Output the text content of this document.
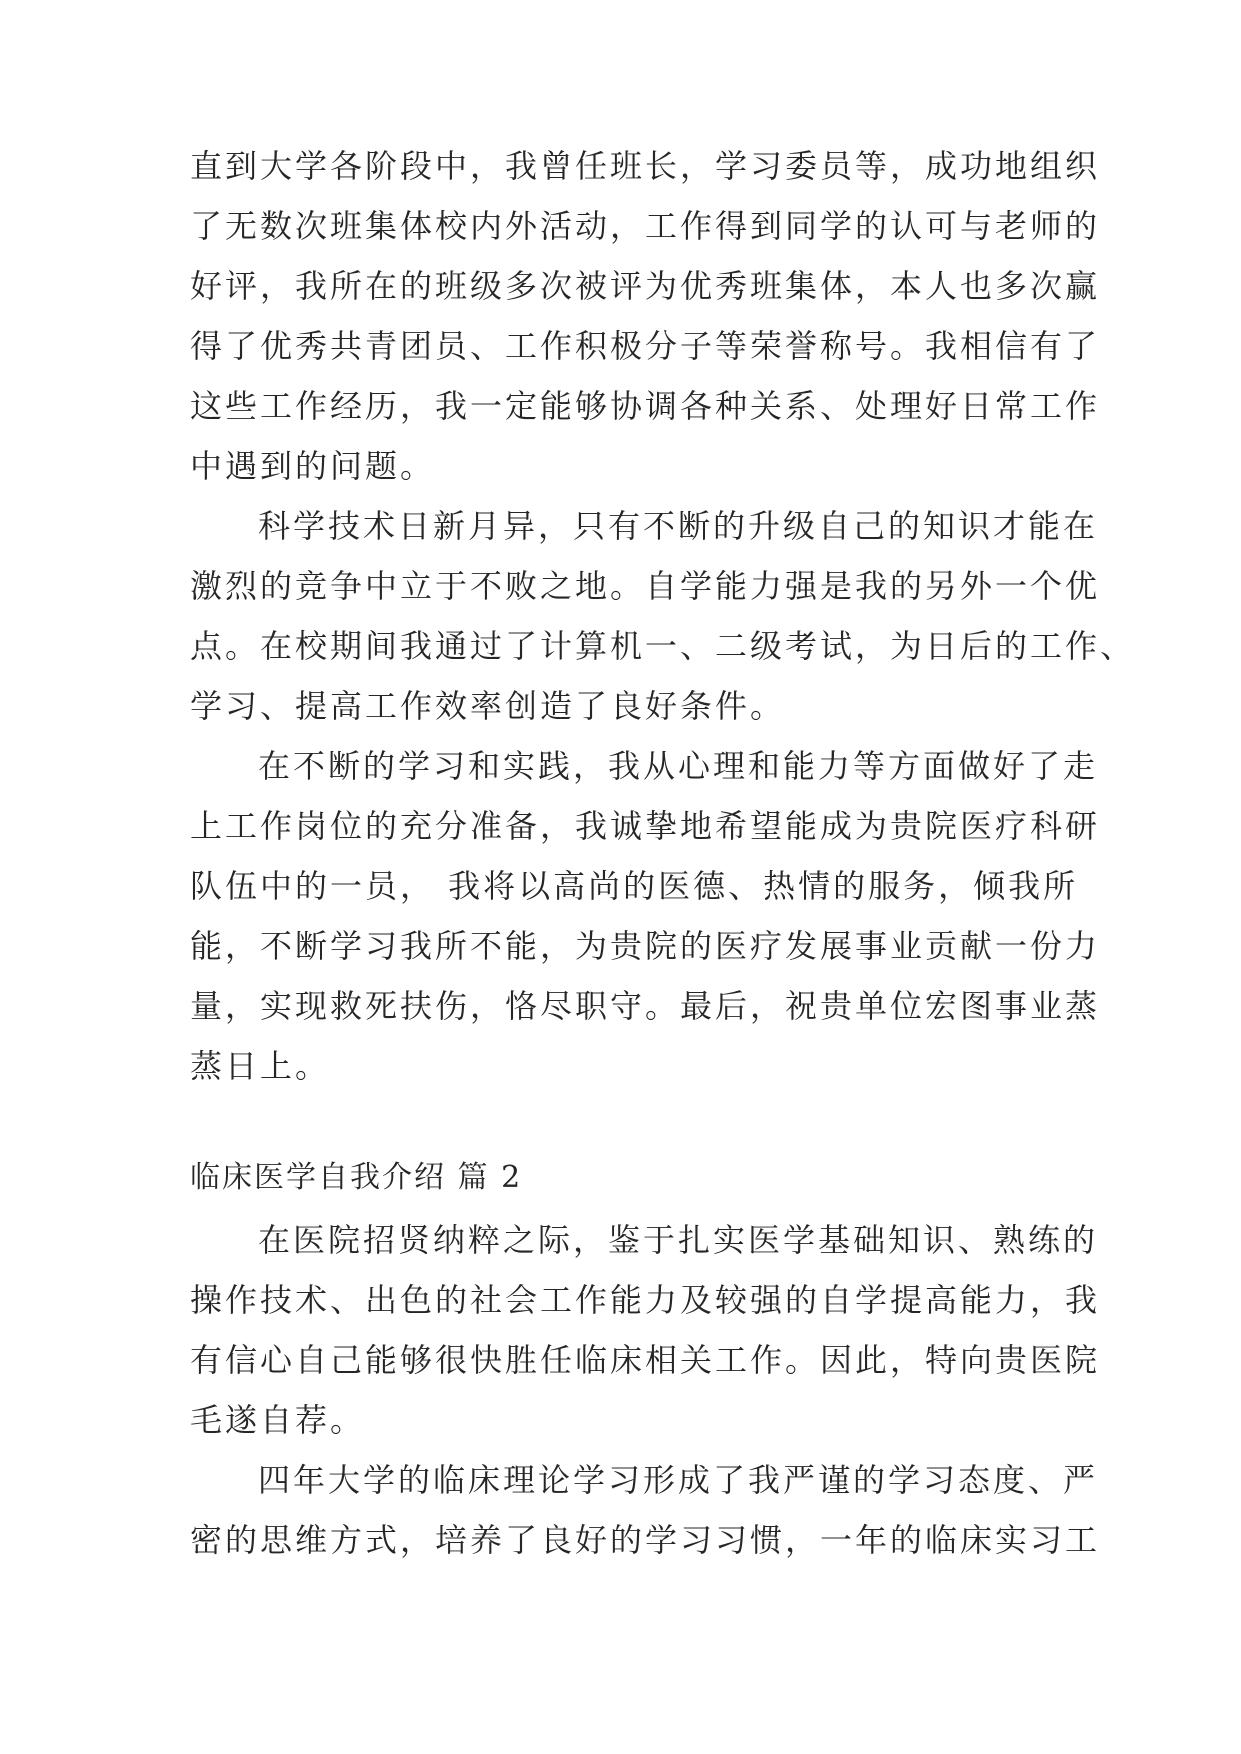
直到大学各阶段中，我曾任班长，学习委员等，成功地组织

了无数次班集体校内外活动，工作得到同学的认可与老师的

好评，我所在的班级多次被评为优秀班集体，本人也多次赢

得了优秀共青团员、工作积极分子等荣誉称号。我相信有了

这些工作经历，我一定能够协调各种关系、处理好日常工作

中遇到的问题。

科学技术日新月异，只有不断的升级自己的知识才能在

激烈的竞争中立于不败之地。自学能力强是我的另外一个优

点。在校期间我通过了计算机一、二级考试，为日后的工作、

学习、提高工作效率创造了良好条件。

在不断的学习和实践，我从心理和能力等方面做好了走

上工作岗位的充分准备，我诚挚地希望能成为贵院医疗科研

队伍中的一员， 我将以高尚的医德、热情的服务，倾我所

能，不断学习我所不能，为贵院的医疗发展事业贡献一份力

量，实现救死扶伤，恪尽职守。最后，祝贵单位宏图事业蒸

蒸日上。

临床医学自我介绍 篇 2

在医院招贤纳粹之际，鉴于扎实医学基础知识、熟练的

操作技术、出色的社会工作能力及较强的自学提高能力，我

有信心自己能够很快胜任临床相关工作。因此，特向贵医院

毛遂自荐。

四年大学的临床理论学习形成了我严谨的学习态度、严

密的思维方式，培养了良好的学习习惯，一年的临床实习工
